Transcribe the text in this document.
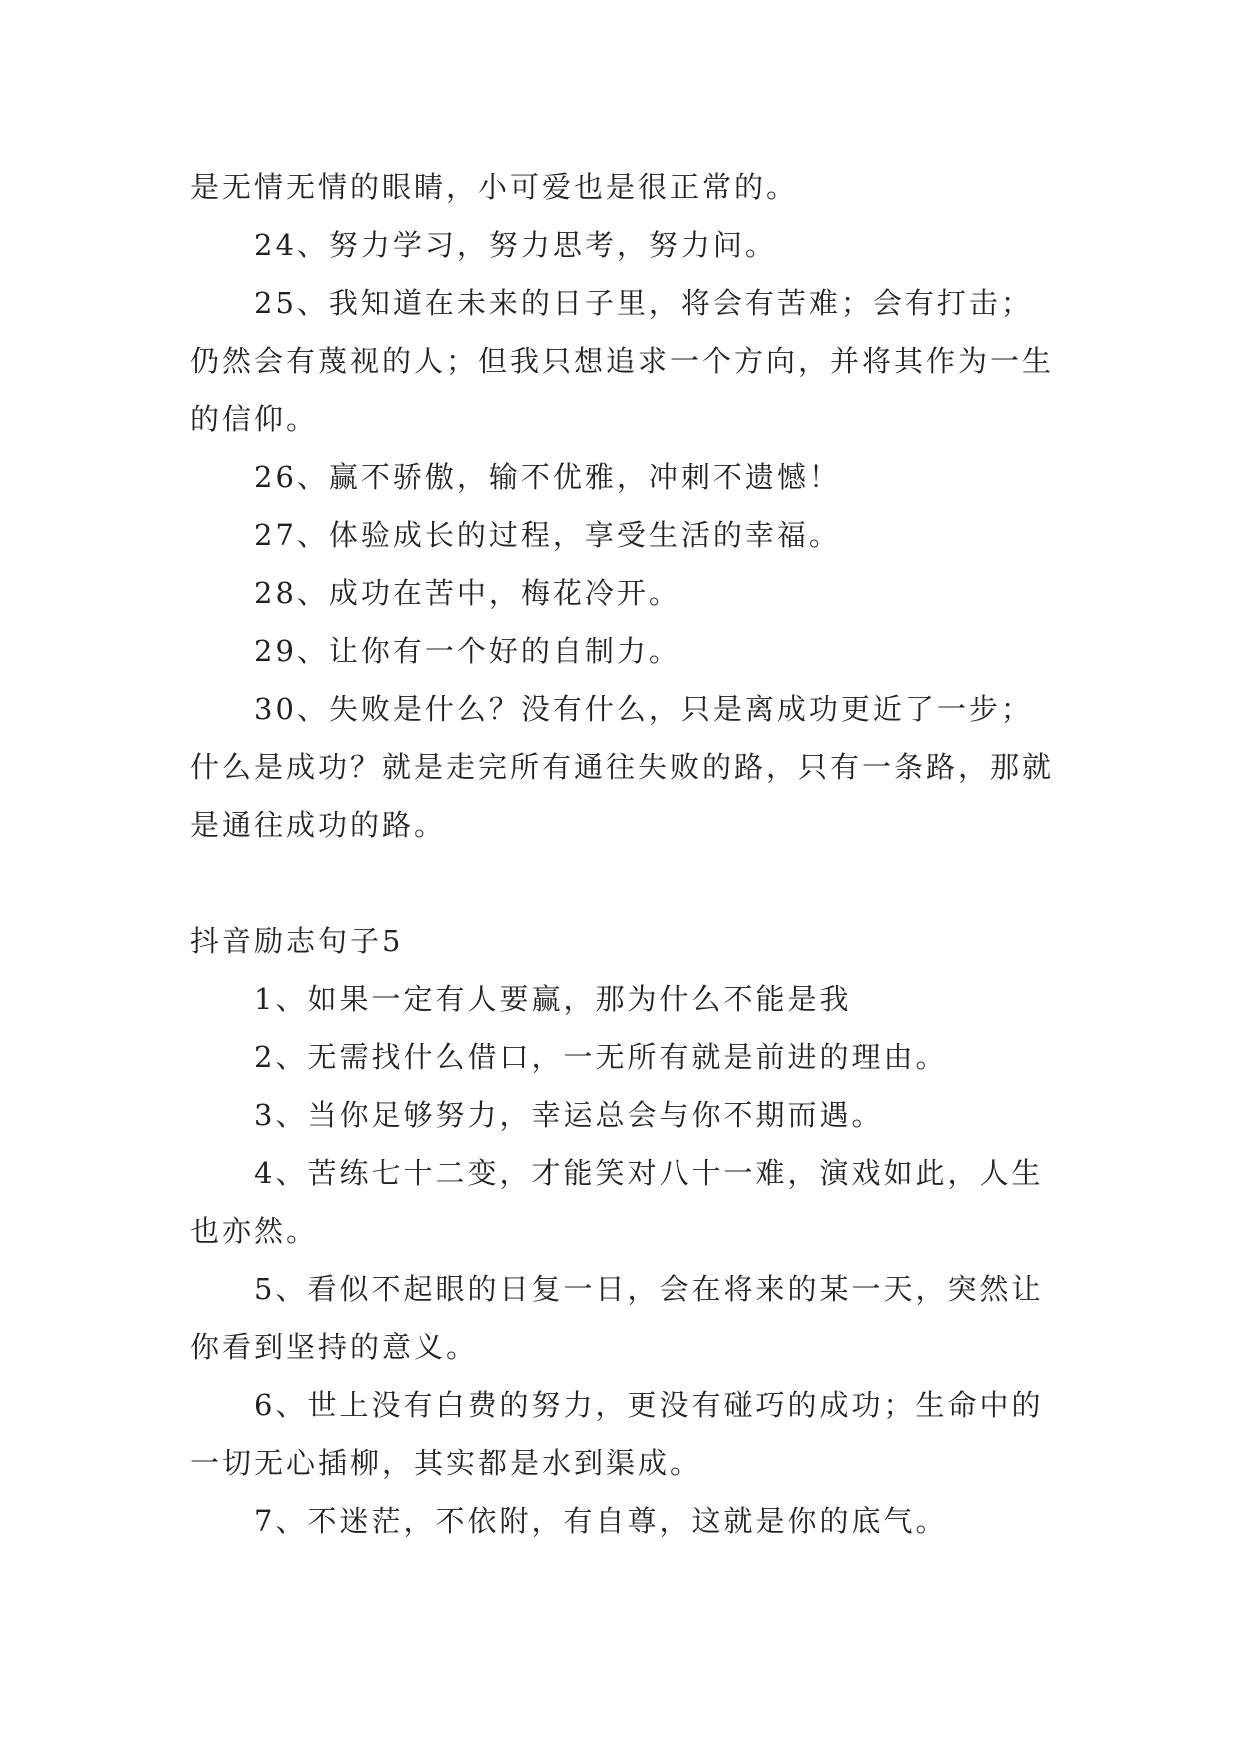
是无情无情的眼睛，小可爱也是很正常的。

24、努力学习，努力思考，努力问。

25、我知道在未来的日子里，将会有苦难；会有打击；仍然会有蔑视的人；但我只想追求一个方向，并将其作为一生的信仰。

26、赢不骄傲，输不优雅，冲刺不遗憾！

27、体验成长的过程，享受生活的幸福。

28、成功在苦中，梅花冷开。

29、让你有一个好的自制力。

30、失败是什么？没有什么，只是离成功更近了一步；什么是成功？就是走完所有通往失败的路，只有一条路，那就是通往成功的路。

抖音励志句子5

1、如果一定有人要赢，那为什么不能是我

2、无需找什么借口，一无所有就是前进的理由。

3、当你足够努力，幸运总会与你不期而遇。

4、苦练七十二变，才能笑对八十一难，演戏如此，人生也亦然。

5、看似不起眼的日复一日，会在将来的某一天，突然让你看到坚持的意义。

6、世上没有白费的努力，更没有碰巧的成功；生命中的一切无心插柳，其实都是水到渠成。

7、不迷茫，不依附，有自尊，这就是你的底气。
